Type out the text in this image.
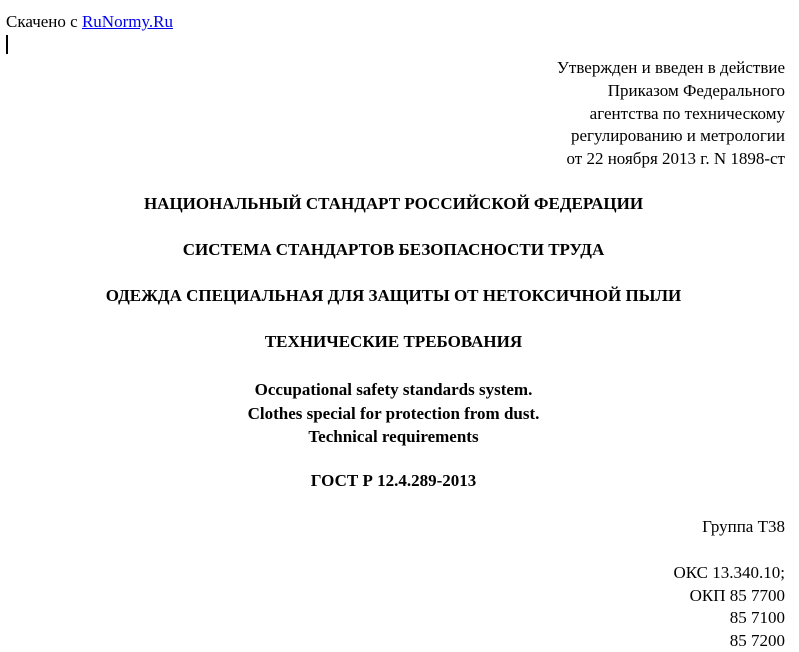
Скачено с RuNormy.Ru
Утвержден и введен в действие
Приказом Федерального
агентства по техническому
регулированию и метрологии
от 22 ноября 2013 г. N 1898-ст
НАЦИОНАЛЬНЫЙ СТАНДАРТ РОССИЙСКОЙ ФЕДЕРАЦИИ
СИСТЕМА СТАНДАРТОВ БЕЗОПАСНОСТИ ТРУДА
ОДЕЖДА СПЕЦИАЛЬНАЯ ДЛЯ ЗАЩИТЫ ОТ НЕТОКСИЧНОЙ ПЫЛИ
ТЕХНИЧЕСКИЕ ТРЕБОВАНИЯ
Occupational safety standards system.
Clothes special for protection from dust.
Technical requirements
ГОСТ Р 12.4.289-2013
Группа Т38
ОКС 13.340.10;
ОКП 85 7700
85 7100
85 7200
